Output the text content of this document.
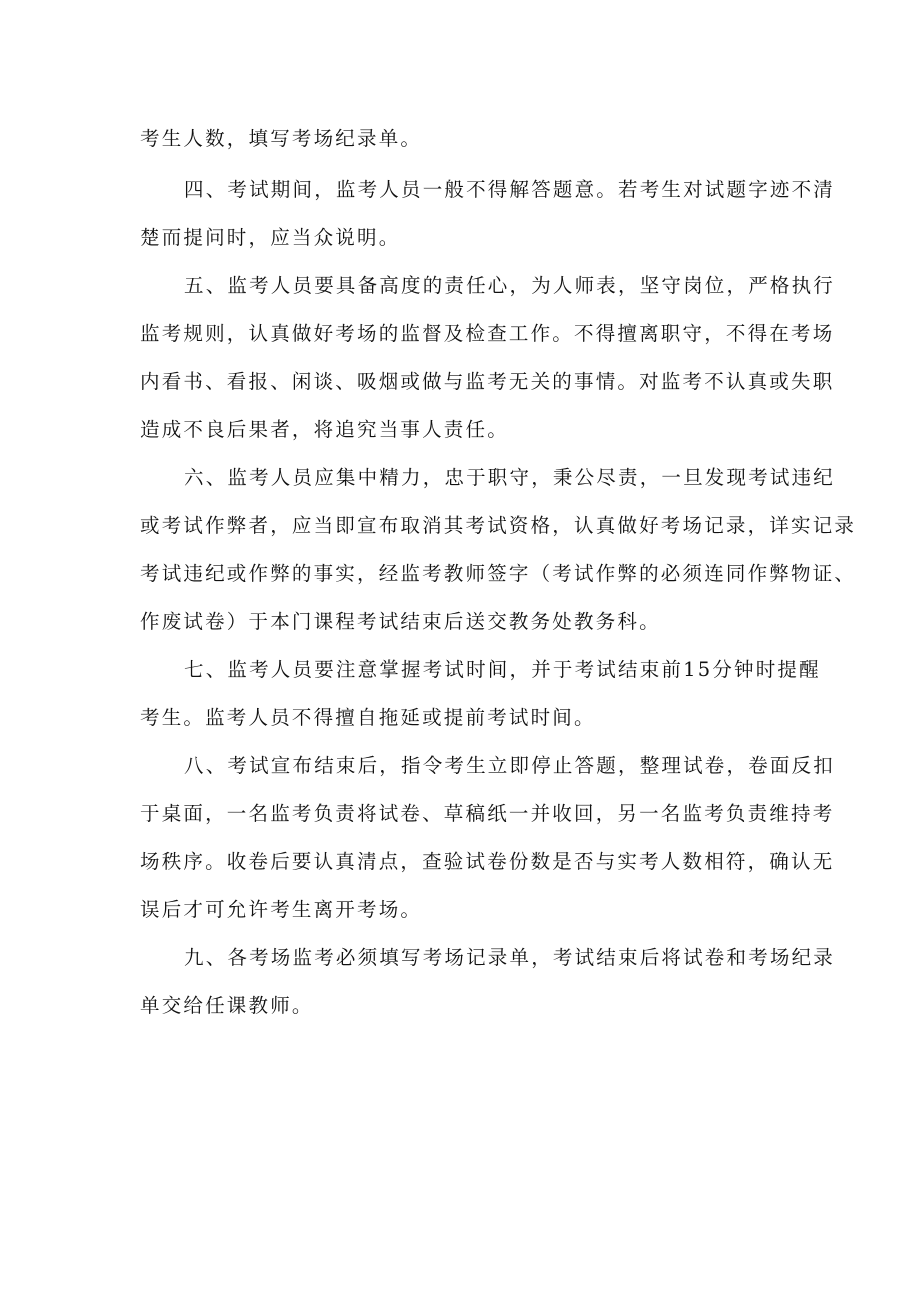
考生人数，填写考场纪录单。
四、考试期间，监考人员一般不得解答题意。若考生对试题字迹不清
楚而提问时，应当众说明。
五、监考人员要具备高度的责任心，为人师表，坚守岗位，严格执行
监考规则，认真做好考场的监督及检查工作。不得擅离职守，不得在考场
内看书、看报、闲谈、吸烟或做与监考无关的事情。对监考不认真或失职
造成不良后果者，将追究当事人责任。
六、监考人员应集中精力，忠于职守，秉公尽责，一旦发现考试违纪
或考试作弊者，应当即宣布取消其考试资格，认真做好考场记录，详实记录
考试违纪或作弊的事实，经监考教师签字（考试作弊的必须连同作弊物证、
作废试卷）于本门课程考试结束后送交教务处教务科。
七、监考人员要注意掌握考试时间，并于考试结束前15分钟时提醒
考生。监考人员不得擅自拖延或提前考试时间。
八、考试宣布结束后，指令考生立即停止答题，整理试卷，卷面反扣
于桌面，一名监考负责将试卷、草稿纸一并收回，另一名监考负责维持考
场秩序。收卷后要认真清点，查验试卷份数是否与实考人数相符，确认无
误后才可允许考生离开考场。
九、各考场监考必须填写考场记录单，考试结束后将试卷和考场纪录
单交给任课教师。
